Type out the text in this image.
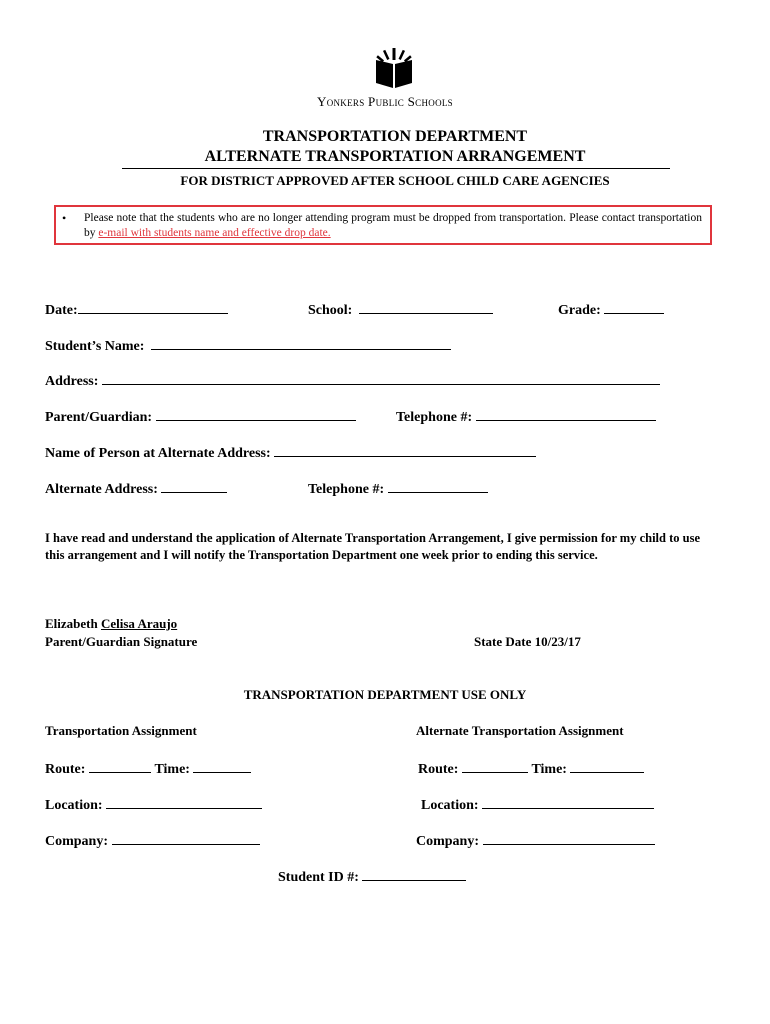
Yonkers Public Schools
TRANSPORTATION DEPARTMENT
ALTERNATE TRANSPORTATION ARRANGEMENT
FOR DISTRICT APPROVED AFTER SCHOOL CHILD CARE AGENCIES
• Please note that the students who are no longer attending program must be dropped from transportation. Please contact transportation by e-mail with students name and effective drop date.
Date:	School:	Grade:
Student’s Name:
Address:
Parent/Guardian:	Telephone #:
Name of Person at Alternate Address:
Alternate Address:	Telephone #:
I have read and understand the application of Alternate Transportation Arrangement, I give permission for my child to use this arrangement and I will notify the Transportation Department one week prior to ending this service.
Elizabeth Celisa Araujo
Parent/Guardian Signature	State Date 10/23/17
TRANSPORTATION DEPARTMENT USE ONLY
Transportation Assignment	Alternate Transportation Assignment
Route:	Time:	Route:	Time:
Location:	Location:
Company:	Company:
Student ID #:
